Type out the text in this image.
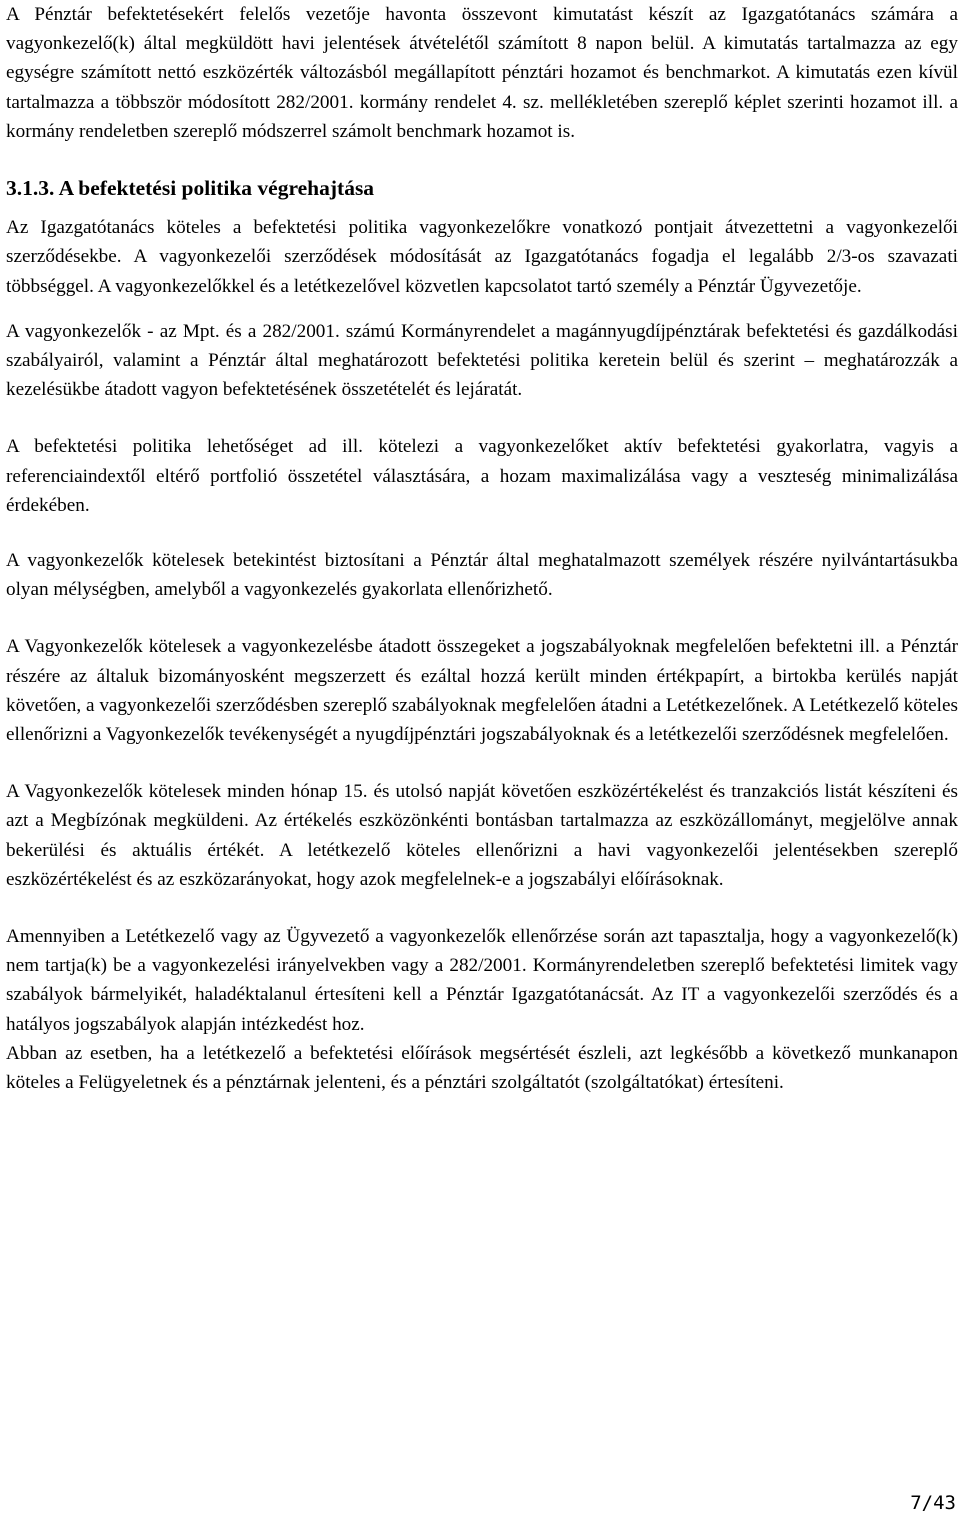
A Pénztár befektetésekért felelős vezetője havonta összevont kimutatást készít az Igazgatótanács számára a vagyonkezelő(k) által megküldött havi jelentések átvételétől számított 8 napon belül. A kimutatás tartalmazza az egy egységre számított nettó eszközérték változásból megállapított pénztári hozamot és benchmarkot. A kimutatás ezen kívül tartalmazza a többször módosított 282/2001. kormány rendelet 4. sz. mellékletében szereplő képlet szerinti hozamot ill. a kormány rendeletben szereplő módszerrel számolt benchmark hozamot is.

3.1.3. A befektetési politika végrehajtása

Az Igazgatótanács köteles a befektetési politika vagyonkezelőkre vonatkozó pontjait átvezettetni a vagyonkezelői szerződésekbe. A vagyonkezelői szerződések módosítását az Igazgatótanács fogadja el legalább 2/3-os szavazati többséggel. A vagyonkezelőkkel és a letétkezelővel közvetlen kapcsolatot tartó személy a Pénztár Ügyvezetője.

A vagyonkezelők - az Mpt. és a 282/2001. számú Kormányrendelet a magánnyugdíjpénztárak befektetési és gazdálkodási szabályairól, valamint a Pénztár által meghatározott befektetési politika keretein belül és szerint – meghatározzák a kezelésükbe átadott vagyon befektetésének összetételét és lejáratát.

A befektetési politika lehetőséget ad ill. kötelezi a vagyonkezelőket aktív befektetési gyakorlatra, vagyis a referenciaindextől eltérő portfolió összetétel választására, a hozam maximalizálása vagy a veszteség minimalizálása érdekében.

A vagyonkezelők kötelesek betekintést biztosítani a Pénztár által meghatalmazott személyek részére nyilvántartásukba olyan mélységben, amelyből a vagyonkezelés gyakorlata ellenőrizhető.

A Vagyonkezelők kötelesek a vagyonkezelésbe átadott összegeket a jogszabályoknak megfelelően befektetni ill. a Pénztár részére az általuk bizományosként megszerzett és ezáltal hozzá került minden értékpapírt, a birtokba kerülés napját követően, a vagyonkezelői szerződésben szereplő szabályoknak megfelelően átadni a Letétkezelőnek. A Letétkezelő köteles ellenőrizni a Vagyonkezelők tevékenységét a nyugdíjpénztári jogszabályoknak és a letétkezelői szerződésnek megfelelően.

A Vagyonkezelők kötelesek minden hónap 15. és utolsó napját követően eszközértékelést és tranzakciós listát készíteni és azt a Megbízónak megküldeni. Az értékelés eszközönkénti bontásban tartalmazza az eszközállományt, megjelölve annak bekerülési és aktuális értékét. A letétkezelő köteles ellenőrizni a havi vagyonkezelői jelentésekben szereplő eszközértékelést és az eszközarányokat, hogy azok megfelelnek-e a jogszabályi előírásoknak.

Amennyiben a Letétkezelő vagy az Ügyvezető a vagyonkezelők ellenőrzése során azt tapasztalja, hogy a vagyonkezelő(k) nem tartja(k) be a vagyonkezelési irányelvekben vagy a 282/2001. Kormányrendeletben szereplő befektetési limitek vagy szabályok bármelyikét, haladéktalanul értesíteni kell a Pénztár Igazgatótanácsát. Az IT a vagyonkezelői szerződés és a hatályos jogszabályok alapján intézkedést hoz.

Abban az esetben, ha a letétkezelő a befektetési előírások megsértését észleli, azt legkésőbb a következő munkanapon köteles a Felügyeletnek és a pénztárnak jelenteni, és a pénztári szolgáltatót (szolgáltatókat) értesíteni.

7/43
